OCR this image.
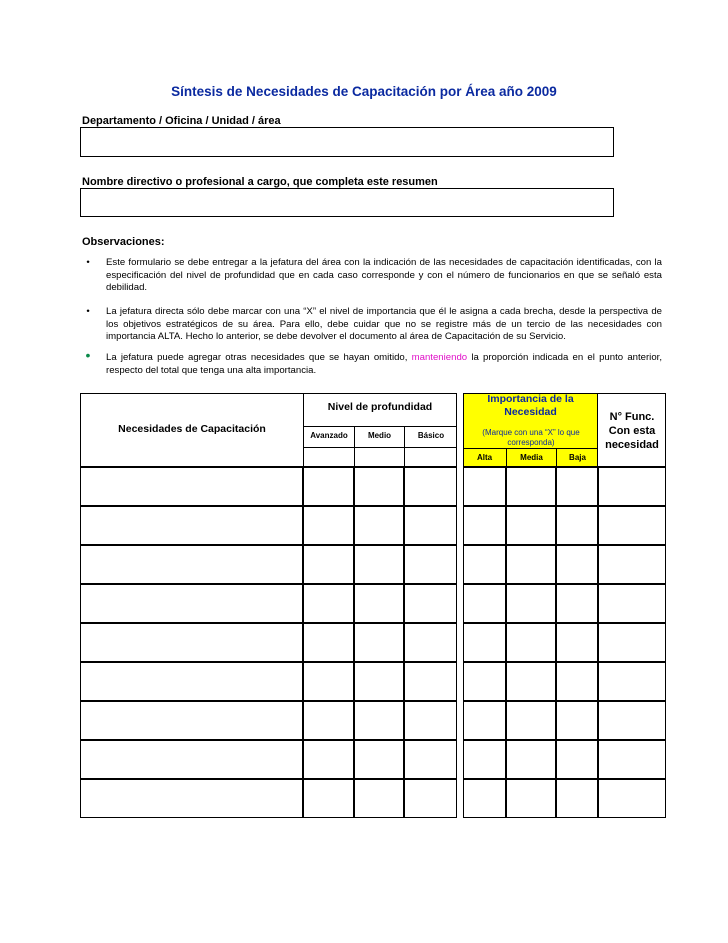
Síntesis de Necesidades de Capacitación por Área año 2009
Departamento / Oficina / Unidad / área
Nombre directivo o profesional a cargo, que completa este resumen
Observaciones:
•	Este formulario se debe entregar a la jefatura del área con la indicación de las necesidades de capacitación identificadas, con la especificación del nivel de profundidad que en cada caso corresponde y con el número de funcionarios en que se señaló esta debilidad.
•	La jefatura directa sólo debe marcar con una “X” el nivel de importancia que él le asigna a cada brecha, desde la perspectiva de los objetivos estratégicos de su área. Para ello, debe cuidar que no se registre más de un tercio de las necesidades con importancia ALTA. Hecho lo anterior, se debe devolver el documento al área de Capacitación de su Servicio.
•	La jefatura puede agregar otras necesidades que se hayan omitido, manteniendo la proporción indicada en el punto anterior, respecto del total que tenga una alta importancia.
Necesidades de Capacitación
Nivel de profundidad
Avanzado	Medio	Básico
Importancia de la Necesidad
(Marque con una “X” lo que corresponda)
Alta	Media	Baja
N° Func. Con esta necesidad
